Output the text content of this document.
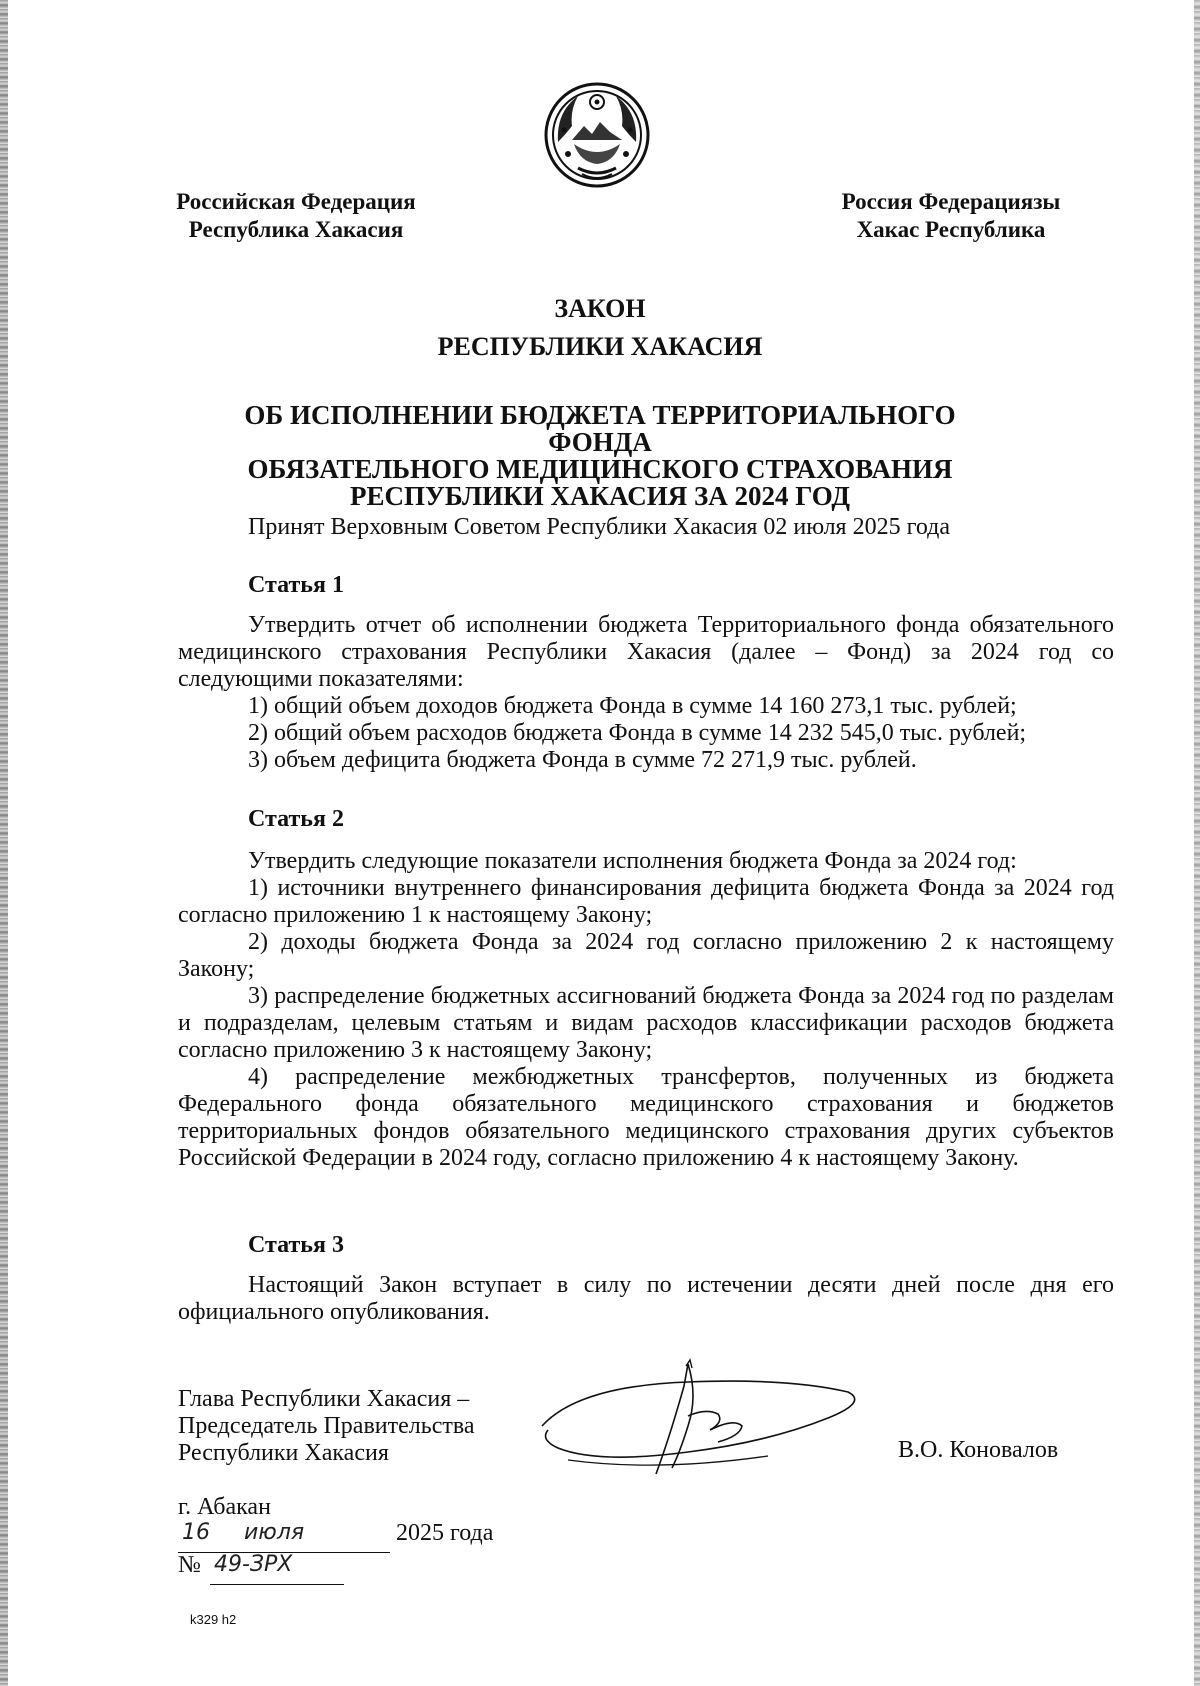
Российская Федерация
Республика Хакасия
Россия Федерациязы
Хакас Республика
ЗАКОН
РЕСПУБЛИКИ ХАКАСИЯ
ОБ ИСПОЛНЕНИИ БЮДЖЕТА ТЕРРИТОРИАЛЬНОГО ФОНДА
ОБЯЗАТЕЛЬНОГО МЕДИЦИНСКОГО СТРАХОВАНИЯ
РЕСПУБЛИКИ ХАКАСИЯ ЗА 2024 ГОД
Принят Верховным Советом Республики Хакасия 02 июля 2025 года
Статья 1

Утвердить отчет об исполнении бюджета Территориального фонда обязательного медицинского страхования Республики Хакасия (далее – Фонд) за 2024 год со следующими показателями:

1) общий объем доходов бюджета Фонда в сумме 14 160 273,1 тыс. рублей;

2) общий объем расходов бюджета Фонда в сумме 14 232 545,0 тыс. рублей;

3) объем дефицита бюджета Фонда в сумме 72 271,9 тыс. рублей.

Статья 2

Утвердить следующие показатели исполнения бюджета Фонда за 2024 год:

1) источники внутреннего финансирования дефицита бюджета Фонда за 2024 год согласно приложению 1 к настоящему Закону;

2) доходы бюджета Фонда за 2024 год согласно приложению 2 к настоящему Закону;

3) распределение бюджетных ассигнований бюджета Фонда за 2024 год по разделам и подразделам, целевым статьям и видам расходов классификации расходов бюджета согласно приложению 3 к настоящему Закону;

4) распределение межбюджетных трансфертов, полученных из бюджета Федерального фонда обязательного медицинского страхования и бюджетов территориальных фондов обязательного медицинского страхования других субъектов Российской Федерации в 2024 году, согласно приложению 4 к настоящему Закону.

Статья 3

Настоящий Закон вступает в силу по истечении десяти дней после дня его официального опубликования.

Глава Республики Хакасия –
Председатель Правительства
Республики Хакасия	В.О. Коновалов
г. Абакан
16 июля	2025 года
№ 49-ЗРХ
k329 h2
